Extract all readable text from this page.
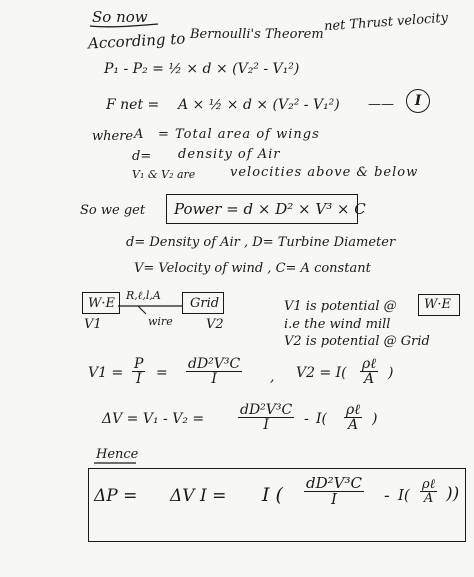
So now	net Thrust velocity
According to Bernoulli's Theorem
P₁ - P₂ = ½ × d × (V₂² - V₁²)
F net = A × ½ × d × (V₂² - V₁²) ——	I
where A = Total area of wings
d= density of Air
V₁ & V₂ are	velocities above & below
So we get Power = d × D² × V³ × C
d= Density of Air , D= Turbine Diameter
V= Velocity of wind , C= A constant
W·E
V1
R,ℓ,l,A
wire
Grid
V2
V1 is potential @ W·E
i.e the wind mill
V2 is potential @ Grid
$V1 = \frac{P}{I} = \frac{\text{dD²V³C}}{I}$ , V2 = I(
ρℓ
A )
$\Delta V = V_1 - V_2 = \frac{\text{dD²V³C}}{I} - I$(
ρℓ
A )
Hence
ΔP = ΔV I = I ( $\frac{\text{dD²V³C}}{I} - I$(
ρℓ
A ))
